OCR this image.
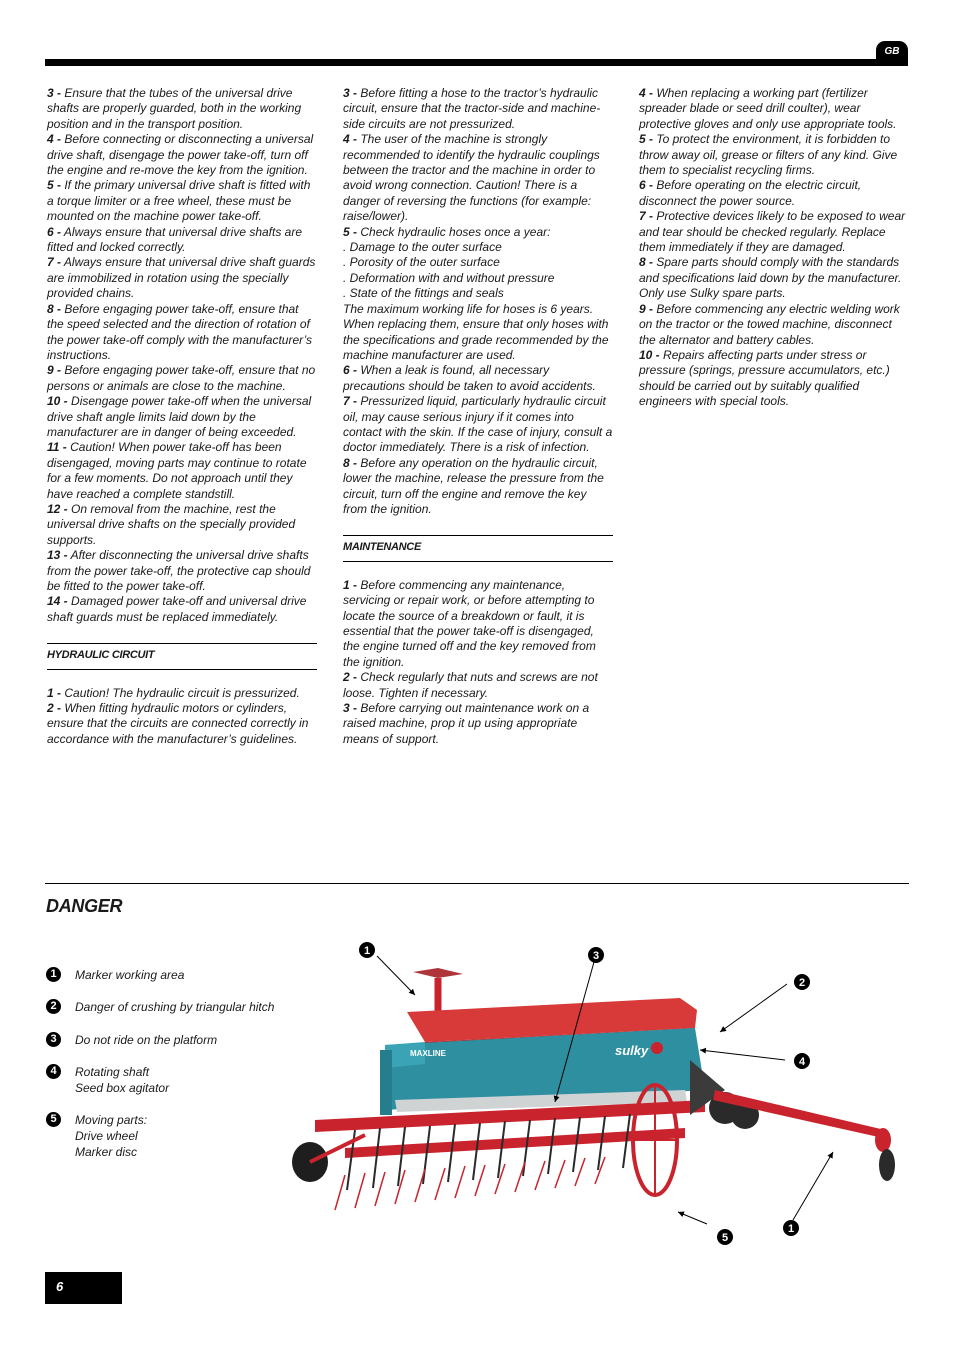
GB

3 - Ensure that the tubes of the universal drive shafts are properly guarded, both in the working position and in the transport position.

4 - Before connecting or disconnecting a universal drive shaft, disengage the power take-off, turn off the engine and re-move the key from the ignition.

5 - If the primary universal drive shaft is fitted with a torque limiter or a free wheel, these must be mounted on the machine power take-off.

6 - Always ensure that universal drive shafts are fitted and locked correctly.

7 - Always ensure that universal drive shaft guards are immobilized in rotation using the specially provided chains.

8 - Before engaging power take-off, ensure that the speed selected and the direction of rotation of the power take-off comply with the manufacturer’s instructions.

9 - Before engaging power take-off, ensure that no persons or animals are close to the machine.

10 - Disengage power take-off when the universal drive shaft angle limits laid down by the manufacturer are in danger of being exceeded.

11 - Caution! When power take-off has been disengaged, moving parts may continue to rotate for a few moments. Do not approach until they have reached a complete standstill.

12 - On removal from the machine, rest the universal drive shafts on the specially provided supports.

13 - After disconnecting the universal drive shafts from the power take-off, the protective cap should be fitted to the power take-off.

14 - Damaged power take-off and universal drive shaft guards must be replaced immediately.

HYDRAULIC CIRCUIT

1 - Caution! The hydraulic circuit is pressurized.

2 - When fitting hydraulic motors or cylinders, ensure that the circuits are connected correctly in accordance with the manufacturer’s guidelines.

3 - Before fitting a hose to the tractor’s hydraulic circuit, ensure that the tractor-side and machine-side circuits are not pressurized.

4 - The user of the machine is strongly recommended to identify the hydraulic couplings between the tractor and the machine in order to avoid wrong connection. Caution! There is a danger of reversing the functions (for example: raise/lower).

5 - Check hydraulic hoses once a year:

. Damage to the outer surface

. Porosity of the outer surface

. Deformation with and without pressure

. State of the fittings and seals

The maximum working life for hoses is 6 years. When replacing them, ensure that only hoses with the specifications and grade recommended by the machine manufacturer are used.

6 - When a leak is found, all necessary precautions should be taken to avoid accidents.

7 - Pressurized liquid, particularly hydraulic circuit oil, may cause serious injury if it comes into contact with the skin. If the case of injury, consult a doctor immediately. There is a risk of infection.

8 - Before any operation on the hydraulic circuit, lower the machine, release the pressure from the circuit, turn off the engine and remove the key from the ignition.

MAINTENANCE

1 - Before commencing any maintenance, servicing or repair work, or before attempting to locate the source of a breakdown or fault, it is essential that the power take-off is disengaged, the engine turned off and the key removed from the ignition.

2 - Check regularly that nuts and screws are not loose. Tighten if necessary.

3 - Before carrying out maintenance work on a raised machine, prop it up using appropriate means of support.

4 - When replacing a working part (fertilizer spreader blade or seed drill coulter), wear protective gloves and only use appropriate tools.

5 - To protect the environment, it is forbidden to throw away oil, grease or filters of any kind. Give them to specialist recycling firms.

6 - Before operating on the electric circuit, disconnect the power source.

7 - Protective devices likely to be exposed to wear and tear should be checked regularly. Replace them immediately if they are damaged.

8 - Spare parts should comply with the standards and specifications laid down by the manufacturer. Only use Sulky spare parts.

9 - Before commencing any electric welding work on the tractor or the towed machine, disconnect the alternator and battery cables.

10 - Repairs affecting parts under stress or pressure (springs, pressure accumulators, etc.) should be carried out by suitably qualified engineers with special tools.

DANGER
1	Marker working area
2	Danger of crushing by triangular hitch
3	Do not ride on the platform
4	Rotating shaft
Seed box agitator
5	Moving parts:
Drive wheel
Marker disc
MAXLINE	sulky
1	3
2
4
5
1
6
